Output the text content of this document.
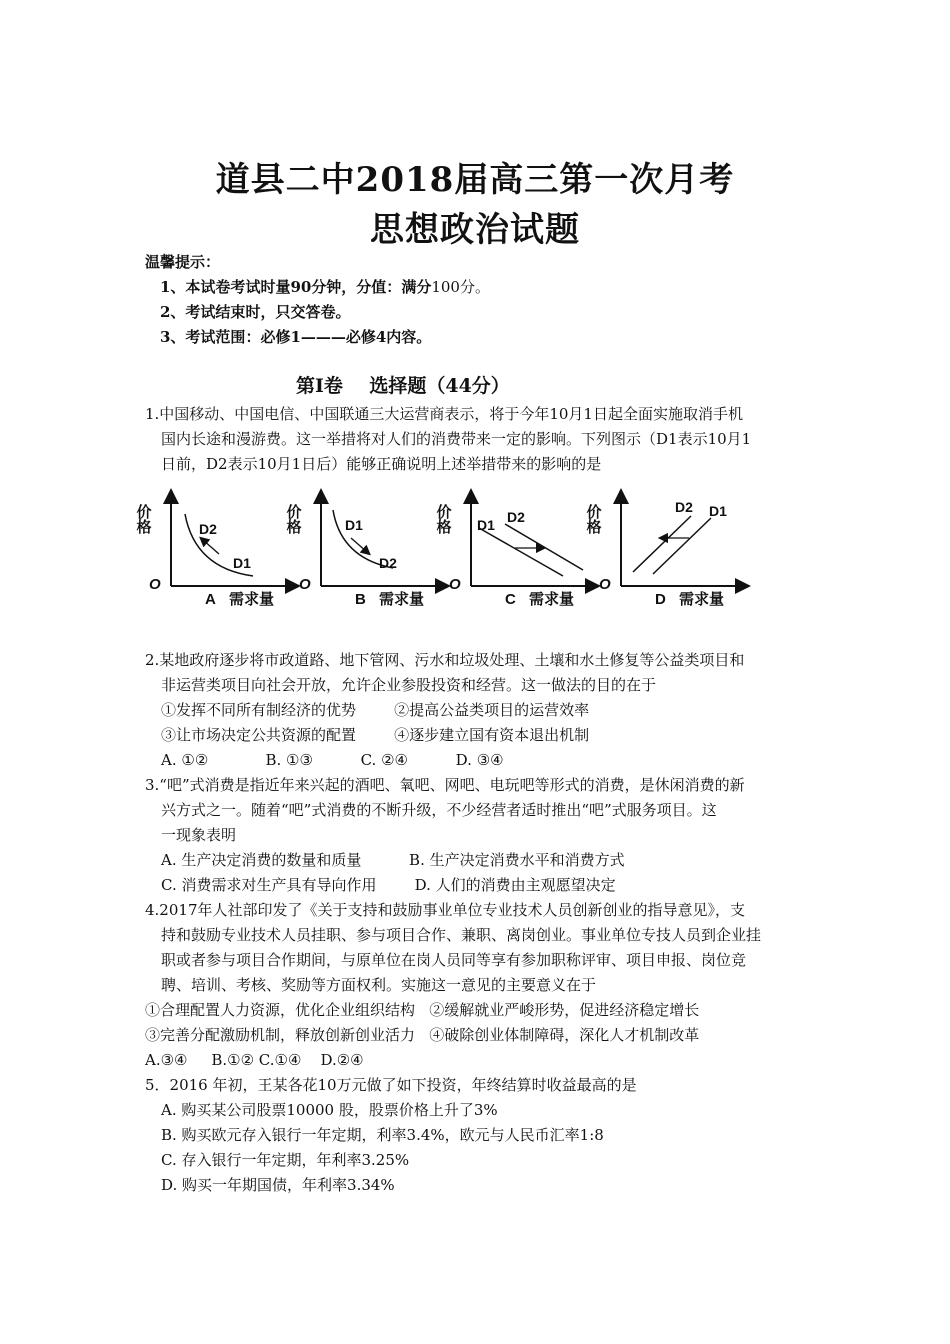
道县二中2018届高三第一次月考
思想政治试题
温馨提示：
1、本试卷考试时量90分钟，分值：满分100分。
2、考试结束时，只交答卷。
3、考试范围：必修1———必修4内容。
第Ⅰ卷    选择题（44分）
1.中国移动、中国电信、中国联通三大运营商表示，将于今年10月1日起全面实施取消手机
国内长途和漫游费。这一举措将对人们的消费带来一定的影响。下列图示（D1表示10月1
日前，D2表示10月1日后）能够正确说明上述举措带来的影响的是
价格
O
D2
D1
A 需求量
价格
O
D1
D2
B 需求量
价格
O
D1 D2
C 需求量
价格
O
D2 D1
D 需求量
2.某地政府逐步将市政道路、地下管网、污水和垃圾处理、土壤和水土修复等公益类项目和
非运营类项目向社会开放，允许企业参股投资和经营。这一做法的目的在于
①发挥不同所有制经济的优势        ②提高公益类项目的运营效率
③让市场决定公共资源的配置        ④逐步建立国有资本退出机制
A. ①②            B. ①③          C. ②④          D. ③④
3.“吧”式消费是指近年来兴起的酒吧、氧吧、网吧、电玩吧等形式的消费，是休闲消费的新
兴方式之一。随着“吧”式消费的不断升级，不少经营者适时推出“吧”式服务项目。这
一现象表明
A. 生产决定消费的数量和质量          B. 生产决定消费水平和消费方式
C. 消费需求对生产具有导向作用        D. 人们的消费由主观愿望决定
4.2017年人社部印发了《关于支持和鼓励事业单位专业技术人员创新创业的指导意见》，支
持和鼓励专业技术人员挂职、参与项目合作、兼职、离岗创业。事业单位专技人员到企业挂
职或者参与项目合作期间，与原单位在岗人员同等享有参加职称评审、项目申报、岗位竞
聘、培训、考核、奖励等方面权利。实施这一意见的主要意义在于
①合理配置人力资源，优化企业组织结构   ②缓解就业严峻形势，促进经济稳定增长
③完善分配激励机制，释放创新创业活力   ④破除创业体制障碍，深化人才机制改革
A.③④     B.①② C.①④    D.②④
5．2016 年初，王某各花10万元做了如下投资，年终结算时收益最高的是
A. 购买某公司股票10000 股，股票价格上升了3%
B. 购买欧元存入银行一年定期，利率3.4%，欧元与人民币汇率1:8
C. 存入银行一年定期，年利率3.25%
D. 购买一年期国债，年利率3.34%
